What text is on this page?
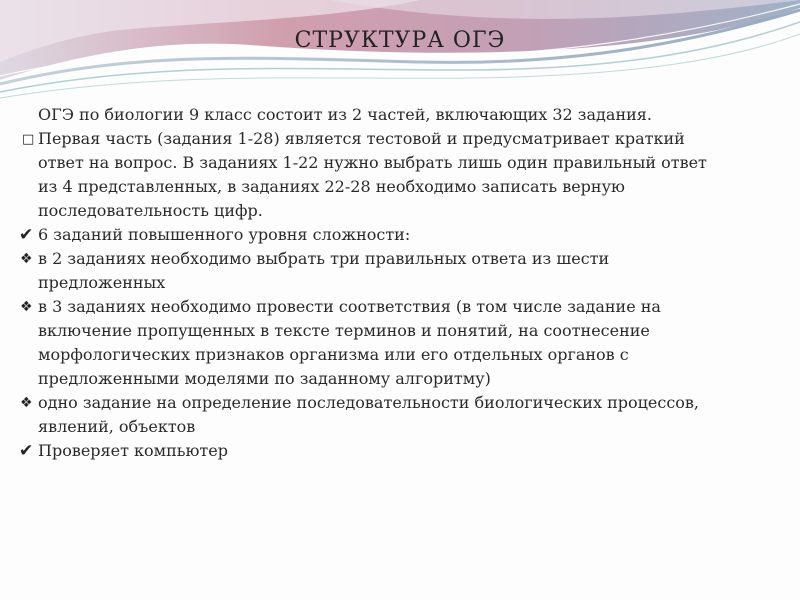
СТРУКТУРА ОГЭ
ОГЭ по биологии 9 класс состоит из 2 частей, включающих 32 задания.
□ Первая часть (задания 1-28) является тестовой и предусматривает краткий
ответ на вопрос. В заданиях 1-22 нужно выбрать лишь один правильный ответ
из 4 представленных, в заданиях 22-28 необходимо записать верную
последовательность цифр.
✔ 6 заданий повышенного уровня сложности:
❖ в 2 заданиях необходимо выбрать три правильных ответа из шести
предложенных
❖ в 3 заданиях необходимо провести соответствия (в том числе задание на
включение пропущенных в тексте терминов и понятий, на соотнесение
морфологических признаков организма или его отдельных органов с
предложенными моделями по заданному алгоритму)
❖ одно задание на определение последовательности биологических процессов,
явлений, объектов
✔ Проверяет компьютер
